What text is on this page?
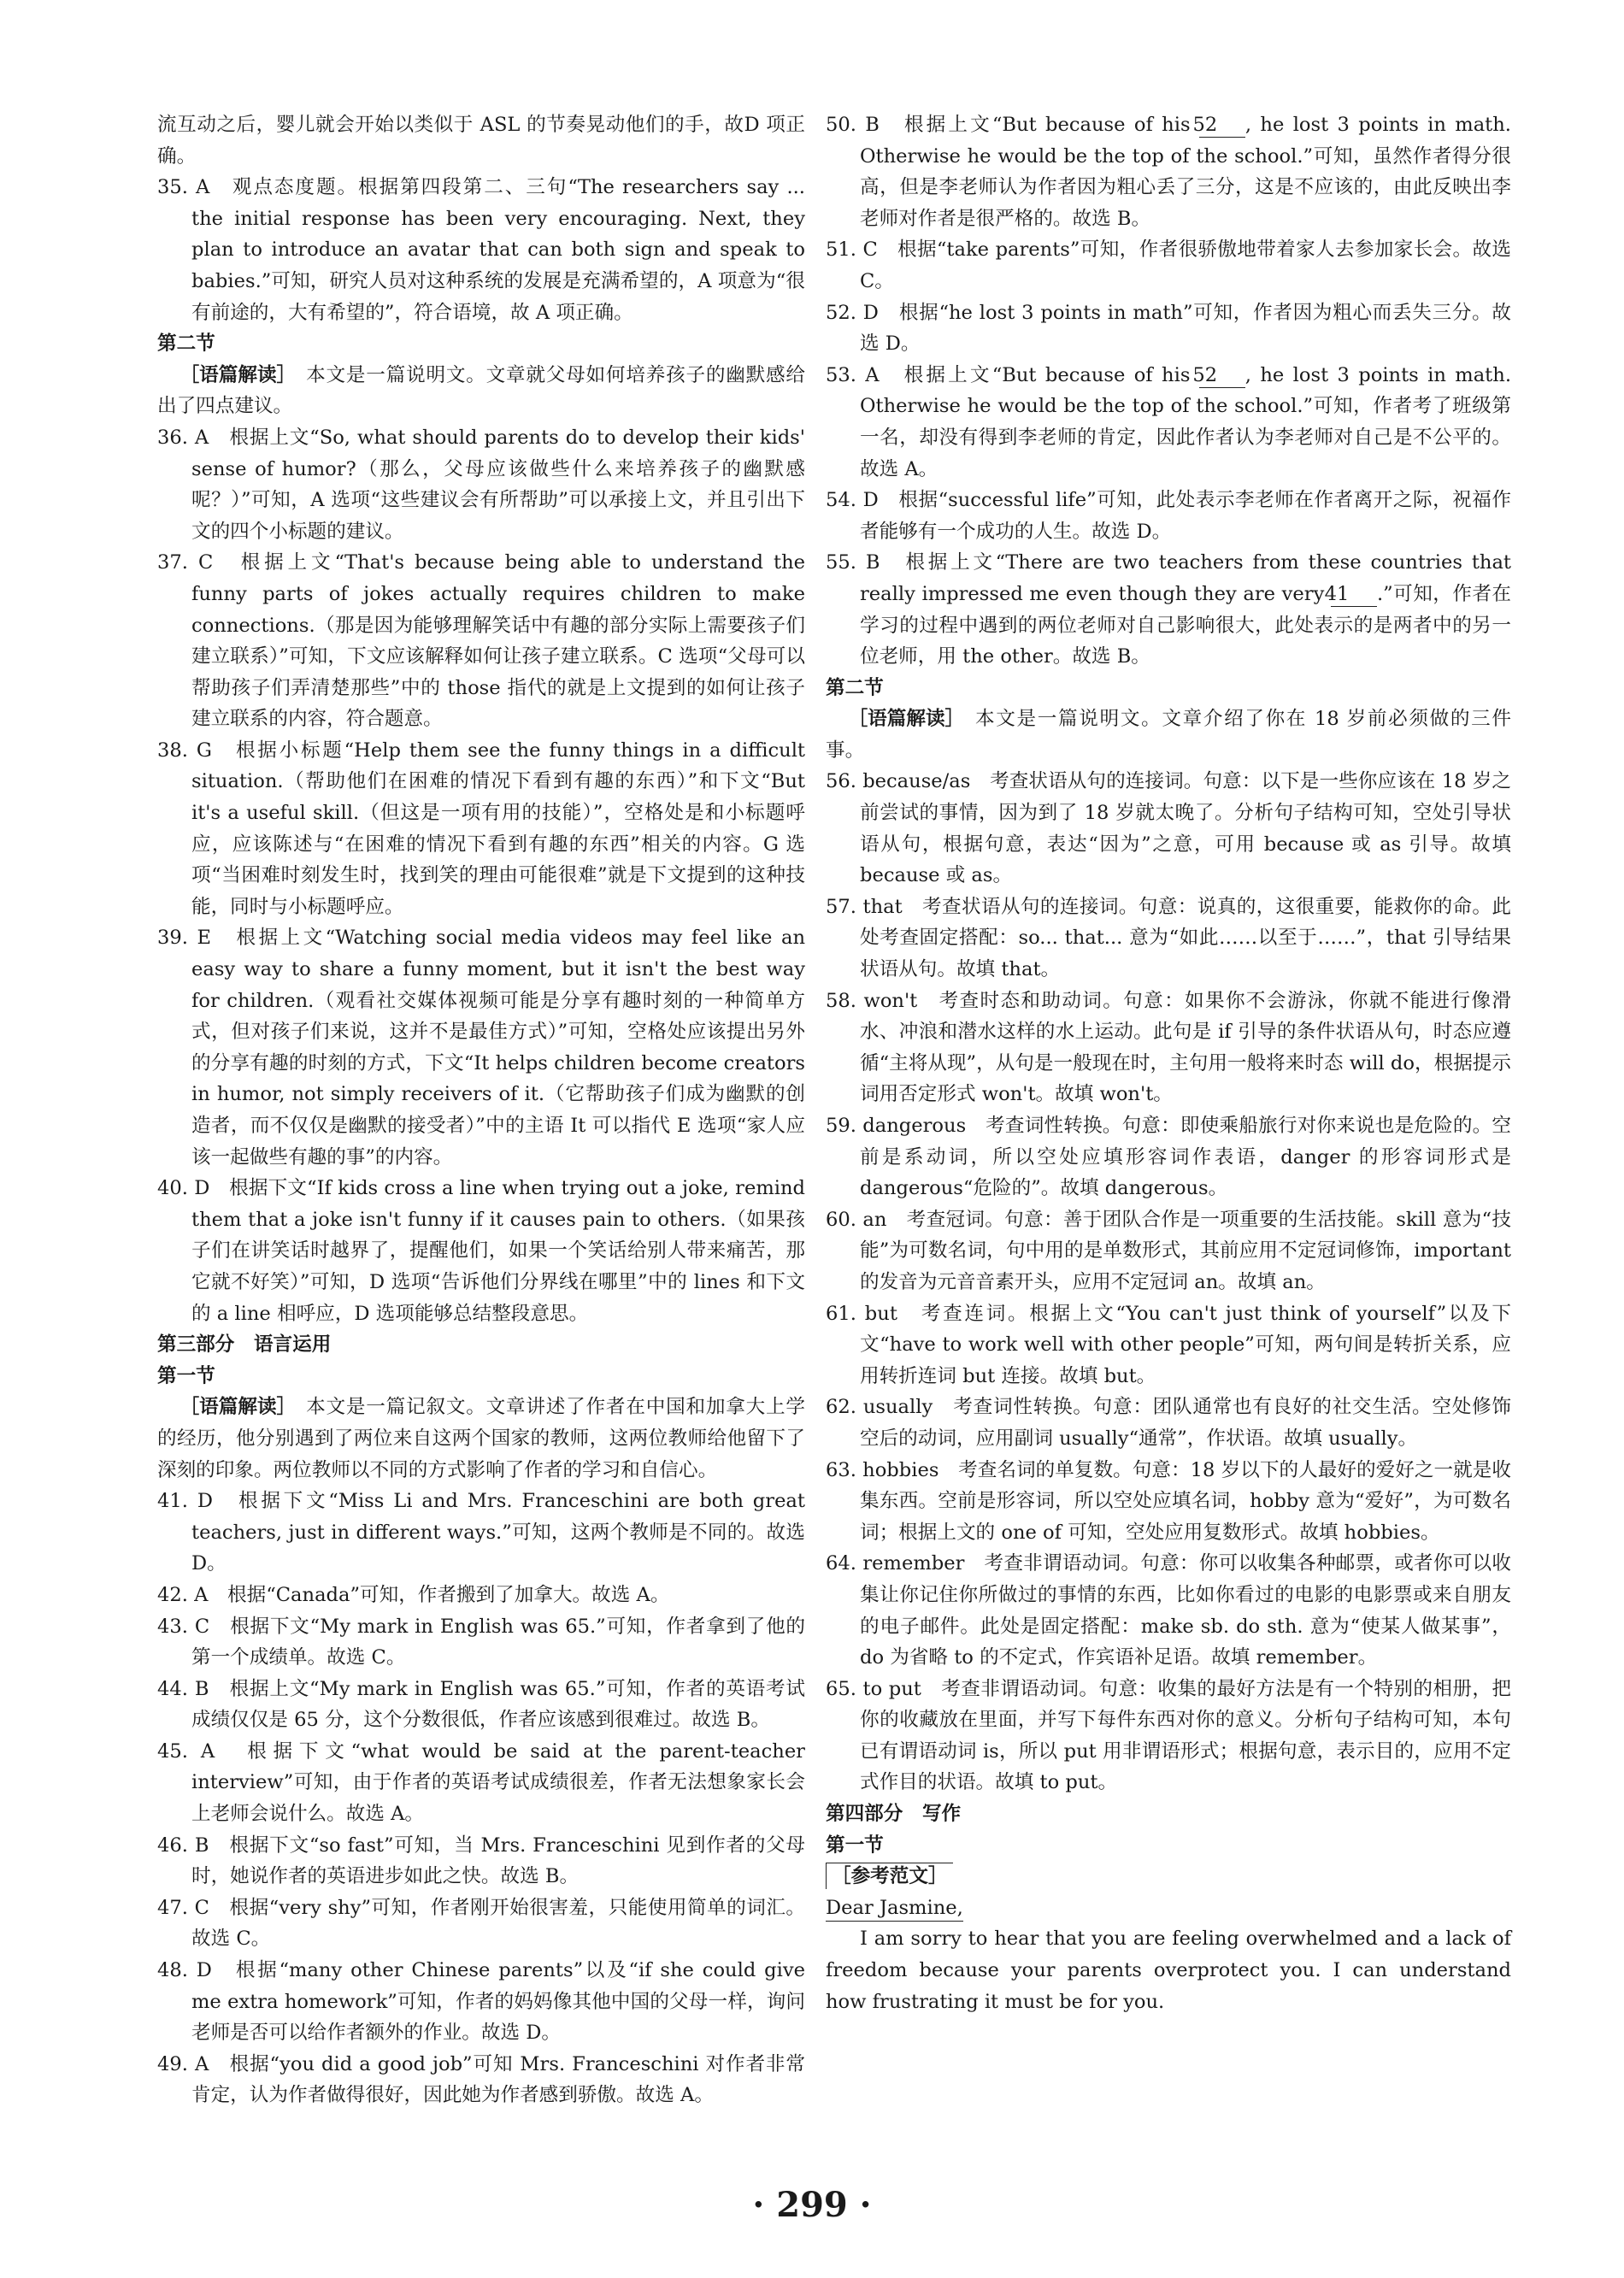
流互动之后，婴儿就会开始以类似于 ASL 的节奏晃动他们的手，故D 项正确。

35. A　观点态度题。根据第四段第二、三句“The researchers say ... the initial response has been very encouraging. Next, they plan to introduce an avatar that can both sign and speak to babies.”可知，研究人员对这种系统的发展是充满希望的，A 项意为“很有前途的，大有希望的”，符合语境，故 A 项正确。

第二节

 ［语篇解读］ 本文是一篇说明文。文章就父母如何培养孩子的幽默感给出了四点建议。

36. A　根据上文“So, what should parents do to develop their kids' sense of humor?（那么，父母应该做些什么来培养孩子的幽默感呢？）”可知，A 选项“这些建议会有所帮助”可以承接上文，并且引出下文的四个小标题的建议。

37. C　根据上文“That's because being able to understand the funny parts of jokes actually requires children to make connections.（那是因为能够理解笑话中有趣的部分实际上需要孩子们建立联系）”可知，下文应该解释如何让孩子建立联系。C 选项“父母可以帮助孩子们弄清楚那些”中的 those 指代的就是上文提到的如何让孩子建立联系的内容，符合题意。

38. G　根据小标题“Help them see the funny things in a difficult situation.（帮助他们在困难的情况下看到有趣的东西）”和下文“But it's a useful skill.（但这是一项有用的技能）”，空格处是和小标题呼应，应该陈述与“在困难的情况下看到有趣的东西”相关的内容。G 选项“当困难时刻发生时，找到笑的理由可能很难”就是下文提到的这种技能，同时与小标题呼应。

39. E　根据上文“Watching social media videos may feel like an easy way to share a funny moment, but it isn't the best way for children.（观看社交媒体视频可能是分享有趣时刻的一种简单方式，但对孩子们来说，这并不是最佳方式）”可知，空格处应该提出另外的分享有趣的时刻的方式，下文“It helps children become creators in humor, not simply receivers of it.（它帮助孩子们成为幽默的创造者，而不仅仅是幽默的接受者）”中的主语 It 可以指代 E 选项“家人应该一起做些有趣的事”的内容。

40. D　根据下文“If kids cross a line when trying out a joke, remind them that a joke isn't funny if it causes pain to others.（如果孩子们在讲笑话时越界了，提醒他们，如果一个笑话给别人带来痛苦，那它就不好笑）”可知，D 选项“告诉他们分界线在哪里”中的 lines 和下文的 a line 相呼应，D 选项能够总结整段意思。

第三部分　语言运用

第一节

 ［语篇解读］ 本文是一篇记叙文。文章讲述了作者在中国和加拿大上学的经历，他分别遇到了两位来自这两个国家的教师，这两位教师给他留下了深刻的印象。两位教师以不同的方式影响了作者的学习和自信心。

41. D　根据下文“Miss Li and Mrs. Franceschini are both great teachers, just in different ways.”可知，这两个教师是不同的。故选 D。

42. A　根据“Canada”可知，作者搬到了加拿大。故选 A。

43. C　根据下文“My mark in English was 65.”可知，作者拿到了他的第一个成绩单。故选 C。

44. B　根据上文“My mark in English was 65.”可知，作者的英语考试成绩仅仅是 65 分，这个分数很低，作者应该感到很难过。故选 B。

45. A　根据下文“what would be said at the parent-teacher interview”可知，由于作者的英语考试成绩很差，作者无法想象家长会上老师会说什么。故选 A。

46. B　根据下文“so fast”可知，当 Mrs. Franceschini 见到作者的父母时，她说作者的英语进步如此之快。故选 B。

47. C　根据“very shy”可知，作者刚开始很害羞，只能使用简单的词汇。故选 C。

48. D　根据“many other Chinese parents”以及“if she could give me extra homework”可知，作者的妈妈像其他中国的父母一样，询问老师是否可以给作者额外的作业。故选 D。

49. A　根据“you did a good job”可知 Mrs. Franceschini 对作者非常肯定，认为作者做得很好，因此她为作者感到骄傲。故选 A。

50. B　根据上文“But because of his 52 , he lost 3 points in math. Otherwise he would be the top of the school.”可知，虽然作者得分很高，但是李老师认为作者因为粗心丢了三分，这是不应该的，由此反映出李老师对作者是很严格的。故选 B。

51. C　根据“take parents”可知，作者很骄傲地带着家人去参加家长会。故选 C。

52. D　根据“he lost 3 points in math”可知，作者因为粗心而丢失三分。故选 D。

53. A　根据上文“But because of his 52 , he lost 3 points in math. Otherwise he would be the top of the school.”可知，作者考了班级第一名，却没有得到李老师的肯定，因此作者认为李老师对自己是不公平的。故选 A。

54. D　根据“successful life”可知，此处表示李老师在作者离开之际，祝福作者能够有一个成功的人生。故选 D。

55. B　根据上文“There are two teachers from these countries that really impressed me even though they are very 41 .”可知，作者在学习的过程中遇到的两位老师对自己影响很大，此处表示的是两者中的另一位老师，用 the other。故选 B。

第二节

 ［语篇解读］ 本文是一篇说明文。文章介绍了你在 18 岁前必须做的三件事。

56. because/as　考查状语从句的连接词。句意：以下是一些你应该在 18 岁之前尝试的事情，因为到了 18 岁就太晚了。分析句子结构可知，空处引导状语从句，根据句意，表达“因为”之意，可用 because 或 as 引导。故填 because 或 as。

57. that　考查状语从句的连接词。句意：说真的，这很重要，能救你的命。此处考查固定搭配：so... that... 意为“如此……以至于……”，that 引导结果状语从句。故填 that。

58. won't　考查时态和助动词。句意：如果你不会游泳，你就不能进行像滑水、冲浪和潜水这样的水上运动。此句是 if 引导的条件状语从句，时态应遵循“主将从现”，从句是一般现在时，主句用一般将来时态 will do，根据提示词用否定形式 won't。故填 won't。

59. dangerous　考查词性转换。句意：即使乘船旅行对你来说也是危险的。空前是系动词，所以空处应填形容词作表语，danger 的形容词形式是 dangerous“危险的”。故填 dangerous。

60. an　考查冠词。句意：善于团队合作是一项重要的生活技能。skill 意为“技能”为可数名词，句中用的是单数形式，其前应用不定冠词修饰，important 的发音为元音音素开头，应用不定冠词 an。故填 an。

61. but　考查连词。根据上文“You can't just think of yourself”以及下文“have to work well with other people”可知，两句间是转折关系，应用转折连词 but 连接。故填 but。

62. usually　考查词性转换。句意：团队通常也有良好的社交生活。空处修饰空后的动词，应用副词 usually“通常”，作状语。故填 usually。

63. hobbies　考查名词的单复数。句意：18 岁以下的人最好的爱好之一就是收集东西。空前是形容词，所以空处应填名词，hobby 意为“爱好”，为可数名词；根据上文的 one of 可知，空处应用复数形式。故填 hobbies。

64. remember　考查非谓语动词。句意：你可以收集各种邮票，或者你可以收集让你记住你所做过的事情的东西，比如你看过的电影的电影票或来自朋友的电子邮件。此处是固定搭配：make sb. do sth. 意为“使某人做某事”，do 为省略 to 的不定式，作宾语补足语。故填 remember。

65. to put　考查非谓语动词。句意：收集的最好方法是有一个特别的相册，把你的收藏放在里面，并写下每件东西对你的意义。分析句子结构可知，本句已有谓语动词 is，所以 put 用非谓语形式；根据句意，表示目的，应用不定式作目的状语。故填 to put。

第四部分　写作

第一节

［参考范文］

Dear Jasmine,

I am sorry to hear that you are feeling overwhelmed and a lack of freedom because your parents overprotect you. I can understand how frustrating it must be for you.

· 299 ·
